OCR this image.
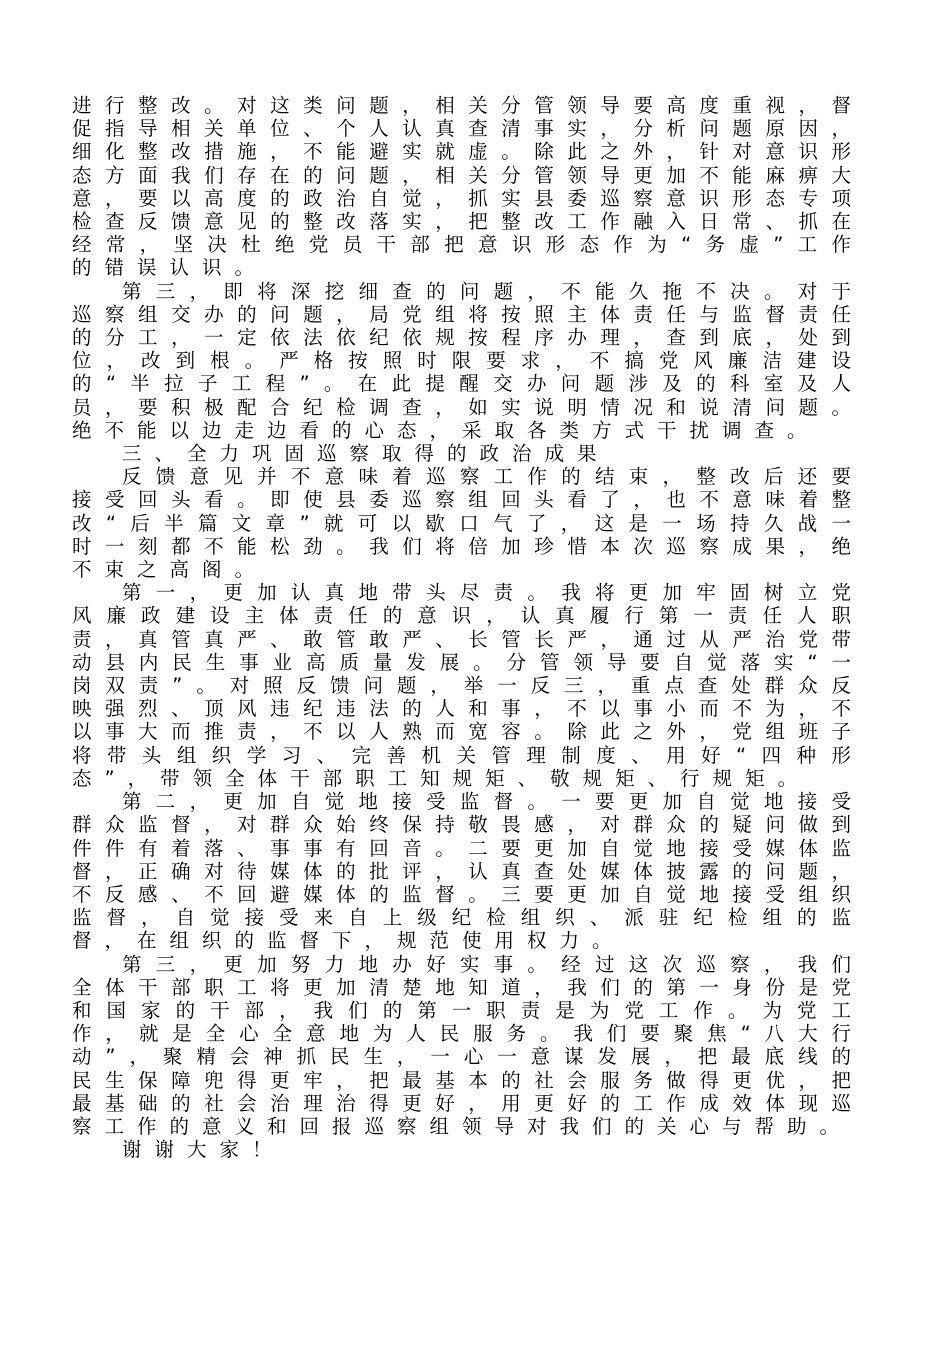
进行整改。对这类问题，相关分管领导要高度重视，督促指导相关单位、个人认真查清事实，分析问题原因，细化整改措施，不能避实就虚。除此之外，针对意识形态方面我们存在的问题，相关分管领导更加不能麻痹大意，要以高度的政治自觉，抓实县委巡察意识形态专项检查反馈意见的整改落实，把整改工作融入日常、抓在经常，坚决杜绝党员干部把意识形态作为“务虚”工作的错误认识。

第三，即将深挖细查的问题，不能久拖不决。对于巡察组交办的问题，局党组将按照主体责任与监督责任的分工，一定依法依纪依规按程序办理，查到底，处到位，改到根。严格按照时限要求，不搞党风廉洁建设的“半拉子工程”。在此提醒交办问题涉及的科室及人员，要积极配合纪检调查，如实说明情况和说清问题。绝不能以边走边看的心态，采取各类方式干扰调查。

三、全力巩固巡察取得的政治成果

反馈意见并不意味着巡察工作的结束，整改后还要接受回头看。即使县委巡察组回头看了，也不意味着整改“后半篇文章”就可以歇口气了，这是一场持久战一时一刻都不能松劲。我们将倍加珍惜本次巡察成果，绝不束之高阁。

第一，更加认真地带头尽责。我将更加牢固树立党风廉政建设主体责任的意识，认真履行第一责任人职责，真管真严、敢管敢严、长管长严，通过从严治党带动县内民生事业高质量发展。分管领导要自觉落实“一岗双责”。对照反馈问题，举一反三，重点查处群众反映强烈、顶风违纪违法的人和事，不以事小而不为，不以事大而推责，不以人熟而宽容。除此之外，党组班子将带头组织学习、完善机关管理制度、用好“四种形态”，带领全体干部职工知规矩、敬规矩、行规矩。

第二，更加自觉地接受监督。一要更加自觉地接受群众监督，对群众始终保持敬畏感，对群众的疑问做到件件有着落、事事有回音。二要更加自觉地接受媒体监督，正确对待媒体的批评，认真查处媒体披露的问题，不反感、不回避媒体的监督。三要更加自觉地接受组织监督，自觉接受来自上级纪检组织、派驻纪检组的监督，在组织的监督下，规范使用权力。

第三，更加努力地办好实事。经过这次巡察，我们全体干部职工将更加清楚地知道，我们的第一身份是党和国家的干部，我们的第一职责是为党工作。为党工作，就是全心全意地为人民服务。我们要聚焦“八大行动”，聚精会神抓民生，一心一意谋发展，把最底线的民生保障兜得更牢，把最基本的社会服务做得更优，把最基础的社会治理治得更好，用更好的工作成效体现巡察工作的意义和回报巡察组领导对我们的关心与帮助。

谢谢大家！
